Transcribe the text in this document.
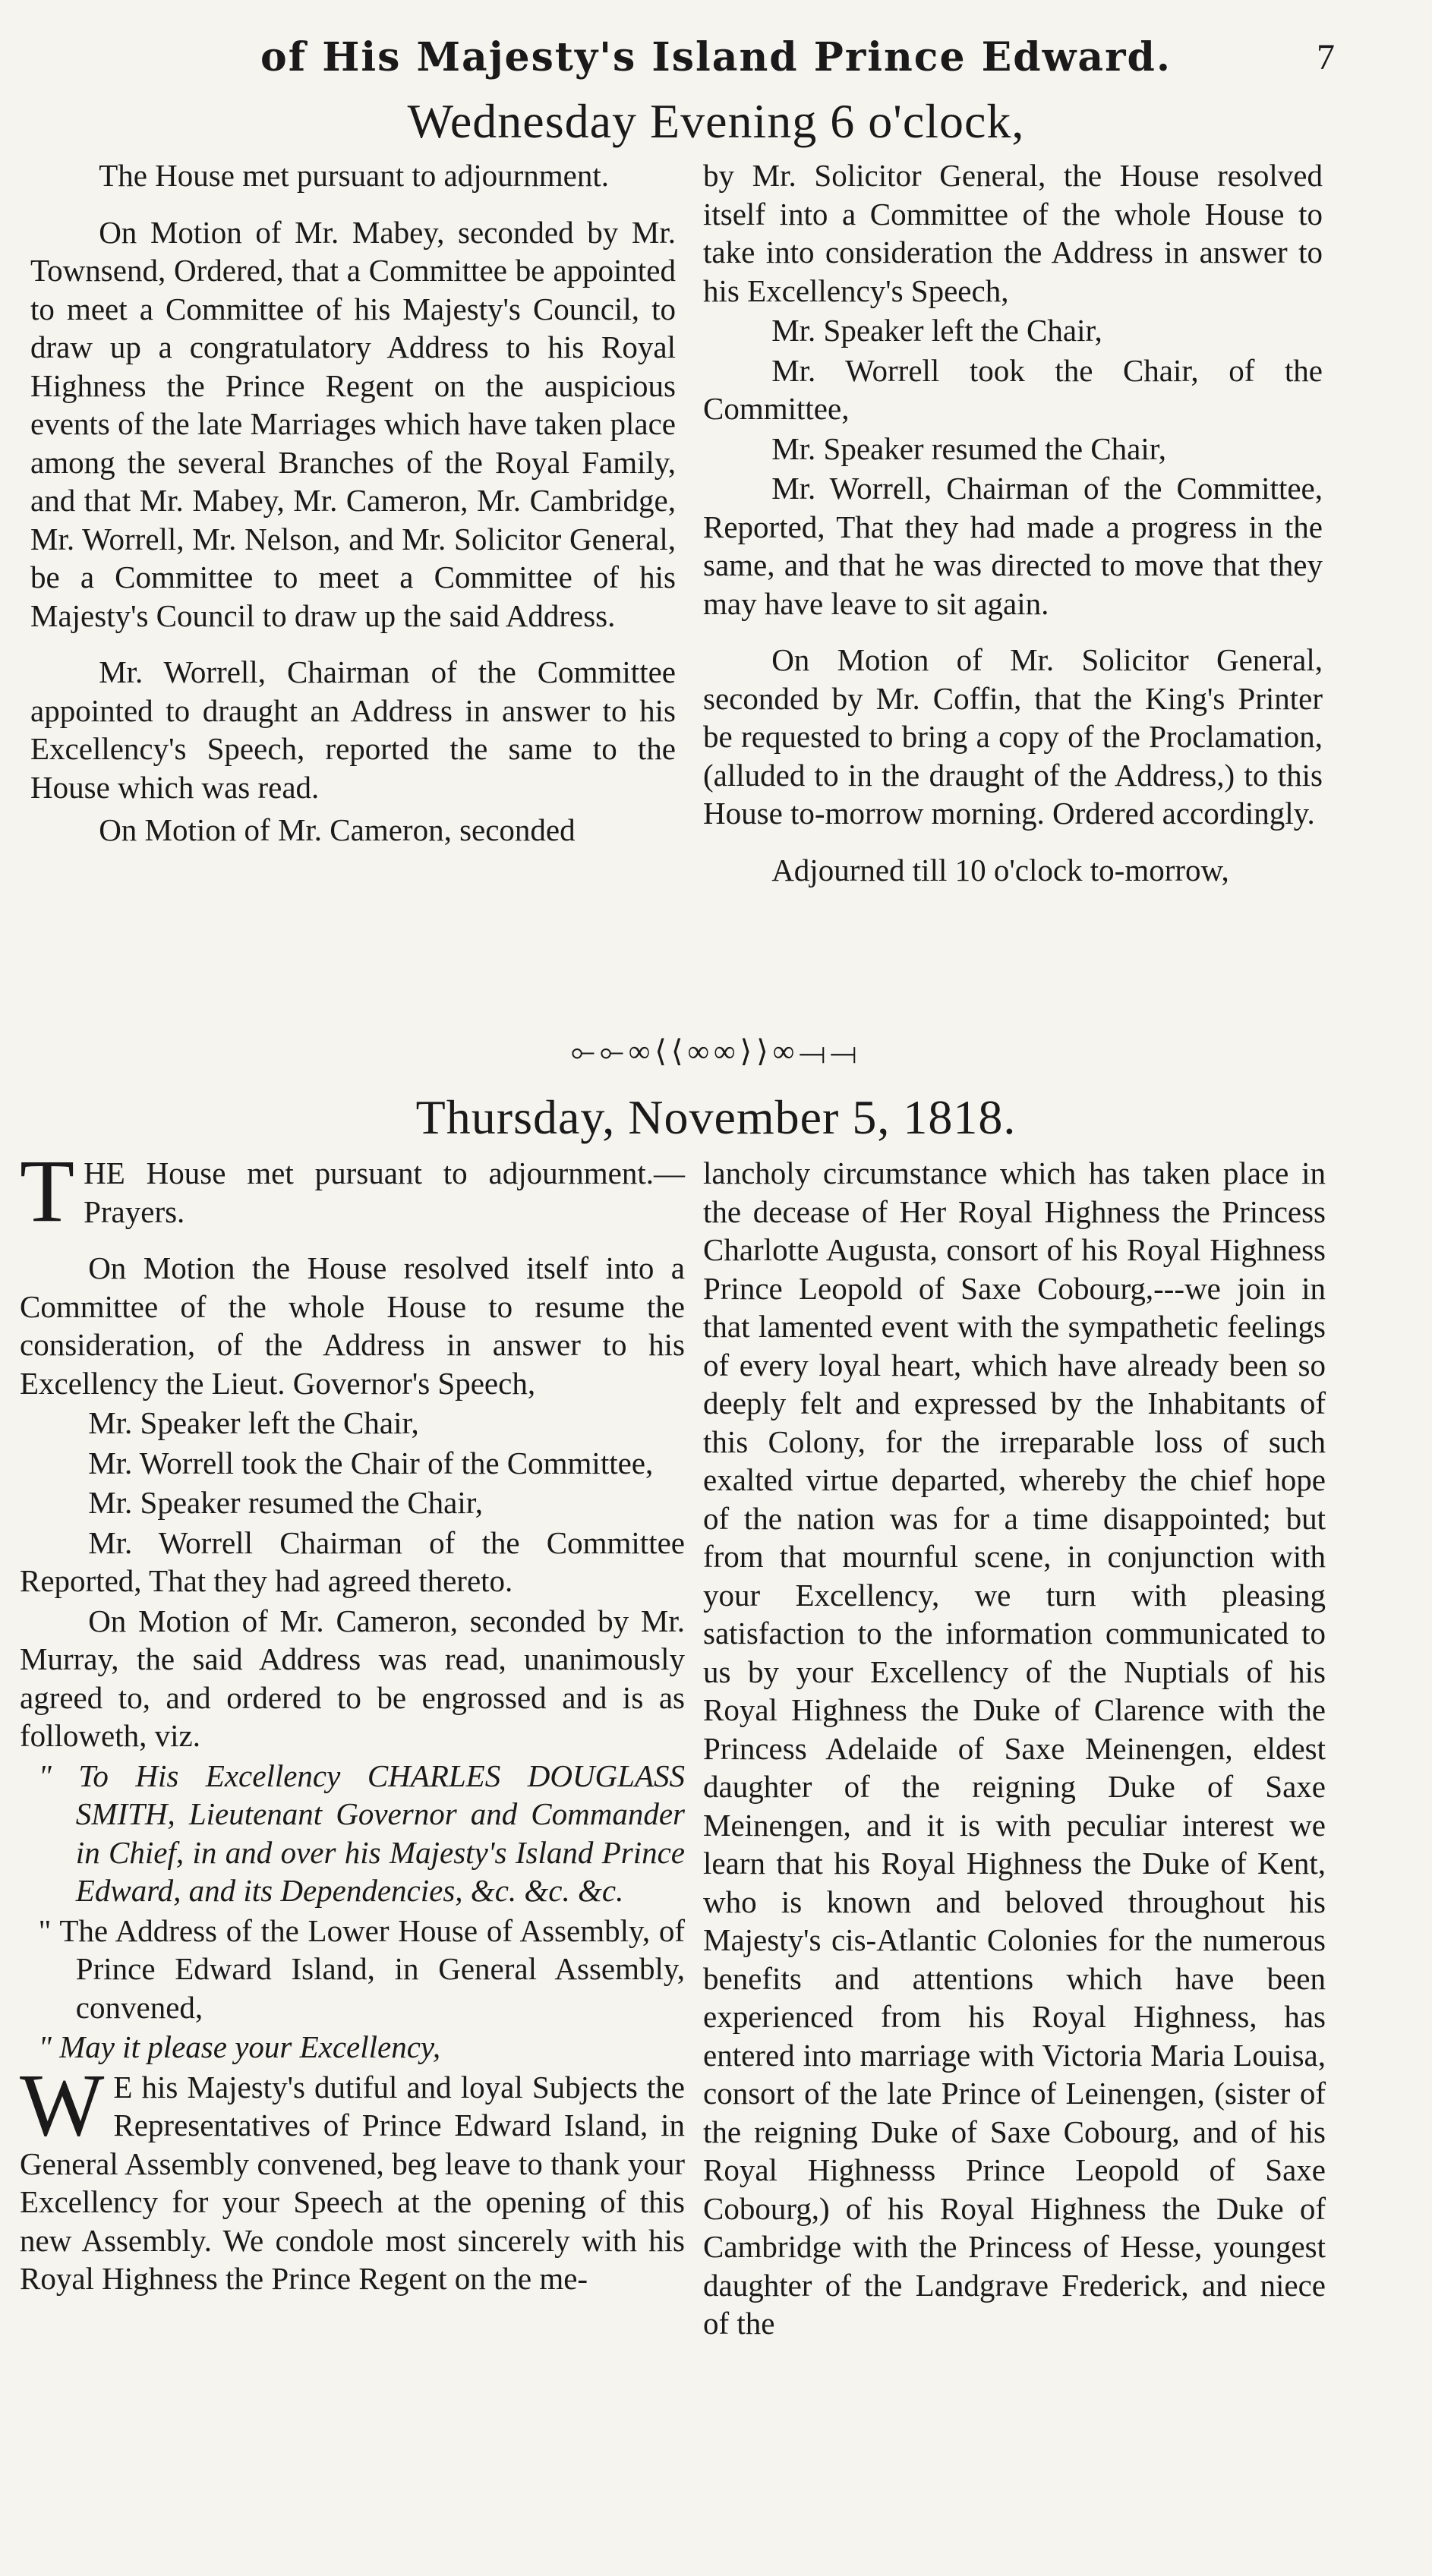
of His Majesty's Island Prince Edward.	7
Wednesday Evening 6 o'clock,

The House met pursuant to adjournment.

On Motion of Mr. Mabey, seconded by Mr. Townsend, Ordered, that a Committee be appointed to meet a Committee of his Majesty's Council, to draw up a congratulatory Address to his Royal Highness the Prince Regent on the auspicious events of the late Marriages which have taken place among the several Branches of the Royal Family, and that Mr. Mabey, Mr. Cameron, Mr. Cambridge, Mr. Worrell, Mr. Nelson, and Mr. Solicitor General, be a Committee to meet a Committee of his Majesty's Council to draw up the said Address.

Mr. Worrell, Chairman of the Committee appointed to draught an Address in answer to his Excellency's Speech, reported the same to the House which was read.

On Motion of Mr. Cameron, seconded

by Mr. Solicitor General, the House resolved itself into a Committee of the whole House to take into consideration the Address in answer to his Excellency's Speech,

Mr. Speaker left the Chair,

Mr. Worrell took the Chair, of the Committee,

Mr. Speaker resumed the Chair,

Mr. Worrell, Chairman of the Committee, Reported, That they had made a progress in the same, and that he was directed to move that they may have leave to sit again.

On Motion of Mr. Solicitor General, seconded by Mr. Coffin, that the King's Printer be requested to bring a copy of the Proclamation, (alluded to in the draught of the Address,) to this House to-morrow morning. Ordered accordingly.

Adjourned till 10 o'clock to-morrow,

⟜⟜∞⟨⟨∞∞⟩⟩∞⟞⟞
Thursday, November 5, 1818.

THE House met pursuant to adjournment.—Prayers.

On Motion the House resolved itself into a Committee of the whole House to resume the consideration, of the Address in answer to his Excellency the Lieut. Governor's Speech,

Mr. Speaker left the Chair,

Mr. Worrell took the Chair of the Committee,

Mr. Speaker resumed the Chair,

Mr. Worrell Chairman of the Committee Reported, That they had agreed thereto.

On Motion of Mr. Cameron, seconded by Mr. Murray, the said Address was read, unanimously agreed to, and ordered to be engrossed and is as followeth, viz.

" To His Excellency CHARLES DOUGLASS SMITH, Lieutenant Governor and Commander in Chief, in and over his Majesty's Island Prince Edward, and its Dependencies, &c. &c. &c.

" The Address of the Lower House of Assembly, of Prince Edward Island, in General Assembly, convened,

" May it please your Excellency,

W E his Majesty's dutiful and loyal Subjects the Representatives of Prince Edward Island, in General Assembly convened, beg leave to thank your Excellency for your Speech at the opening of this new Assembly. We condole most sincerely with his Royal Highness the Prince Regent on the me-

lancholy circumstance which has taken place in the decease of Her Royal Highness the Princess Charlotte Augusta, consort of his Royal Highness Prince Leopold of Saxe Cobourg,---we join in that lamented event with the sympathetic feelings of every loyal heart, which have already been so deeply felt and expressed by the Inhabitants of this Colony, for the irreparable loss of such exalted virtue departed, whereby the chief hope of the nation was for a time disappointed; but from that mournful scene, in conjunction with your Excellency, we turn with pleasing satisfaction to the information communicated to us by your Excellency of the Nuptials of his Royal Highness the Duke of Clarence with the Princess Adelaide of Saxe Meinengen, eldest daughter of the reigning Duke of Saxe Meinengen, and it is with peculiar interest we learn that his Royal Highness the Duke of Kent, who is known and beloved throughout his Majesty's cis-Atlantic Colonies for the numerous benefits and attentions which have been experienced from his Royal Highness, has entered into marriage with Victoria Maria Louisa, consort of the late Prince of Leinengen, (sister of the reigning Duke of Saxe Cobourg, and of his Royal Highnesss Prince Leopold of Saxe Cobourg,) of his Royal Highness the Duke of Cambridge with the Princess of Hesse, youngest daughter of the Landgrave Frederick, and niece of the
